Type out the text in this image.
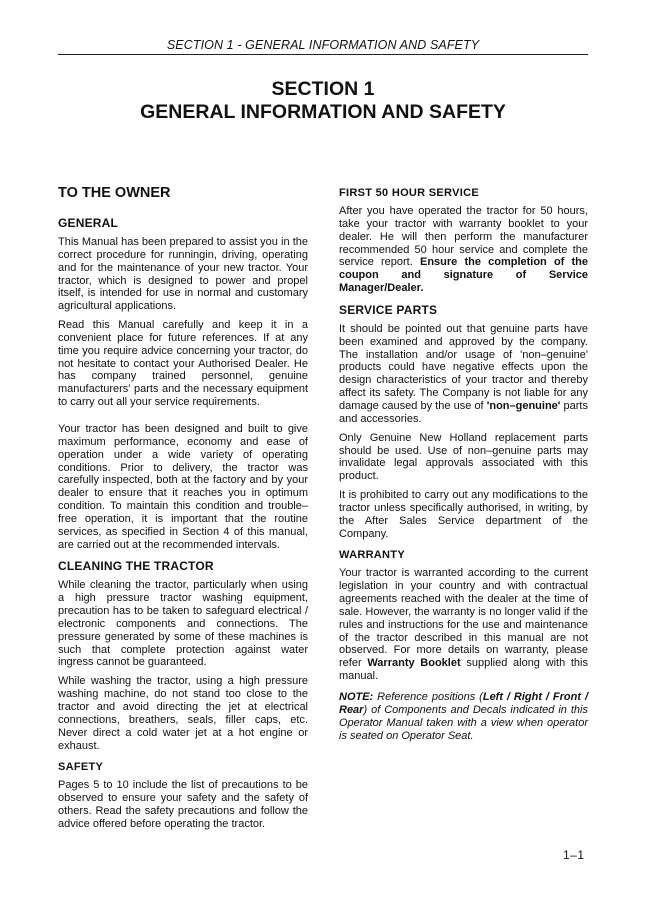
SECTION 1 - GENERAL INFORMATION AND SAFETY
SECTION 1
GENERAL INFORMATION AND SAFETY
TO THE OWNER
GENERAL

This Manual has been prepared to assist you in the correct procedure for runningin, driving, operating and for the maintenance of your new tractor. Your tractor, which is designed to power and propel itself, is intended for use in normal and customary agricultural applications.

Read this Manual carefully and keep it in a convenient place for future references. If at any time you require advice concerning your tractor, do not hesitate to contact your Authorised Dealer. He has company trained personnel, genuine manufacturers' parts and the necessary equipment to carry out all your service requirements.

Your tractor has been designed and built to give maximum performance, economy and ease of operation under a wide variety of operating conditions. Prior to delivery, the tractor was carefully inspected, both at the factory and by your dealer to ensure that it reaches you in optimum condition. To maintain this condition and trouble–free operation, it is important that the routine services, as specified in Section 4 of this manual, are carried out at the recommended intervals.

CLEANING THE TRACTOR

While cleaning the tractor, particularly when using a high pressure tractor washing equipment, precaution has to be taken to safeguard electrical / electronic components and connections. The pressure generated by some of these machines is such that complete protection against water ingress cannot be guaranteed.

While washing the tractor, using a high pressure washing machine, do not stand too close to the tractor and avoid directing the jet at electrical connections, breathers, seals, filler caps, etc. Never direct a cold water jet at a hot engine or exhaust.

SAFETY

Pages 5 to 10 include the list of precautions to be observed to ensure your safety and the safety of others. Read the safety precautions and follow the advice offered before operating the tractor.

FIRST 50 HOUR SERVICE

After you have operated the tractor for 50 hours, take your tractor with warranty booklet to your dealer. He will then perform the manufacturer recommended 50 hour service and complete the service report. Ensure the completion of the coupon and signature of Service Manager/Dealer.

SERVICE PARTS

It should be pointed out that genuine parts have been examined and approved by the company. The installation and/or usage of 'non–genuine' products could have negative effects upon the design characteristics of your tractor and thereby affect its safety. The Company is not liable for any damage caused by the use of 'non–genuine' parts and accessories.

Only Genuine New Holland replacement parts should be used. Use of non–genuine parts may invalidate legal approvals associated with this product.

It is prohibited to carry out any modifications to the tractor unless specifically authorised, in writing, by the After Sales Service department of the Company.

WARRANTY

Your tractor is warranted according to the current legislation in your country and with contractual agreements reached with the dealer at the time of sale. However, the warranty is no longer valid if the rules and instructions for the use and maintenance of the tractor described in this manual are not observed. For more details on warranty, please refer Warranty Booklet supplied along with this manual.

NOTE: Reference positions (Left / Right / Front / Rear) of Components and Decals indicated in this Operator Manual taken with a view when operator is seated on Operator Seat.

1–1
